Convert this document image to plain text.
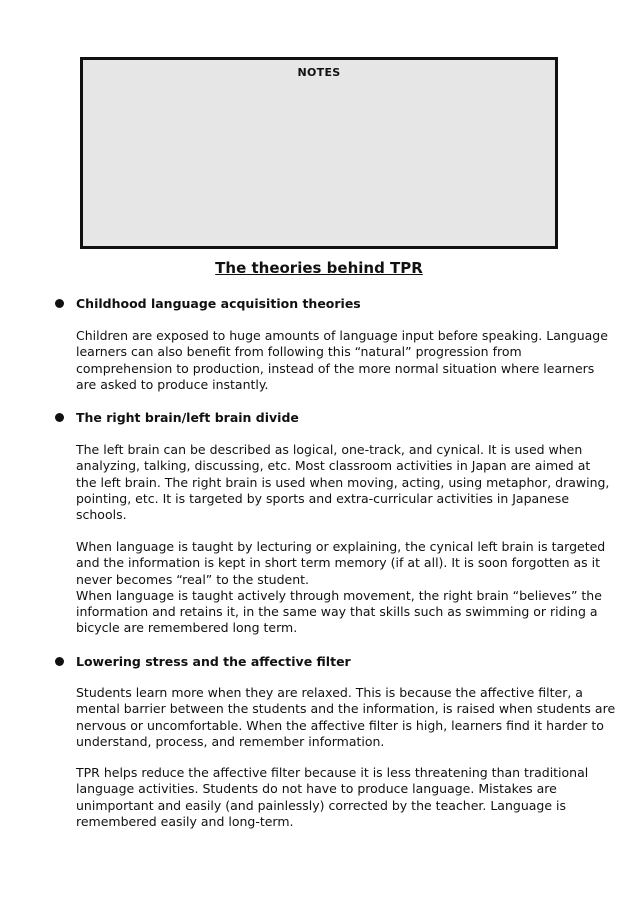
NOTES
The theories behind TPR
Childhood language acquisition theories

Children are exposed to huge amounts of language input before speaking. Language
learners can also benefit from following this “natural” progression from
comprehension to production, instead of the more normal situation where learners
are asked to produce instantly.

The right brain/left brain divide

The left brain can be described as logical, one-track, and cynical. It is used when
analyzing, talking, discussing, etc. Most classroom activities in Japan are aimed at
the left brain. The right brain is used when moving, acting, using metaphor, drawing,
pointing, etc. It is targeted by sports and extra-curricular activities in Japanese
schools.

When language is taught by lecturing or explaining, the cynical left brain is targeted
and the information is kept in short term memory (if at all). It is soon forgotten as it
never becomes “real” to the student.
When language is taught actively through movement, the right brain “believes” the
information and retains it, in the same way that skills such as swimming or riding a
bicycle are remembered long term.

Lowering stress and the affective filter

Students learn more when they are relaxed. This is because the affective filter, a
mental barrier between the students and the information, is raised when students are
nervous or uncomfortable. When the affective filter is high, learners find it harder to
understand, process, and remember information.

TPR helps reduce the affective filter because it is less threatening than traditional
language activities. Students do not have to produce language. Mistakes are
unimportant and easily (and painlessly) corrected by the teacher. Language is
remembered easily and long-term.
